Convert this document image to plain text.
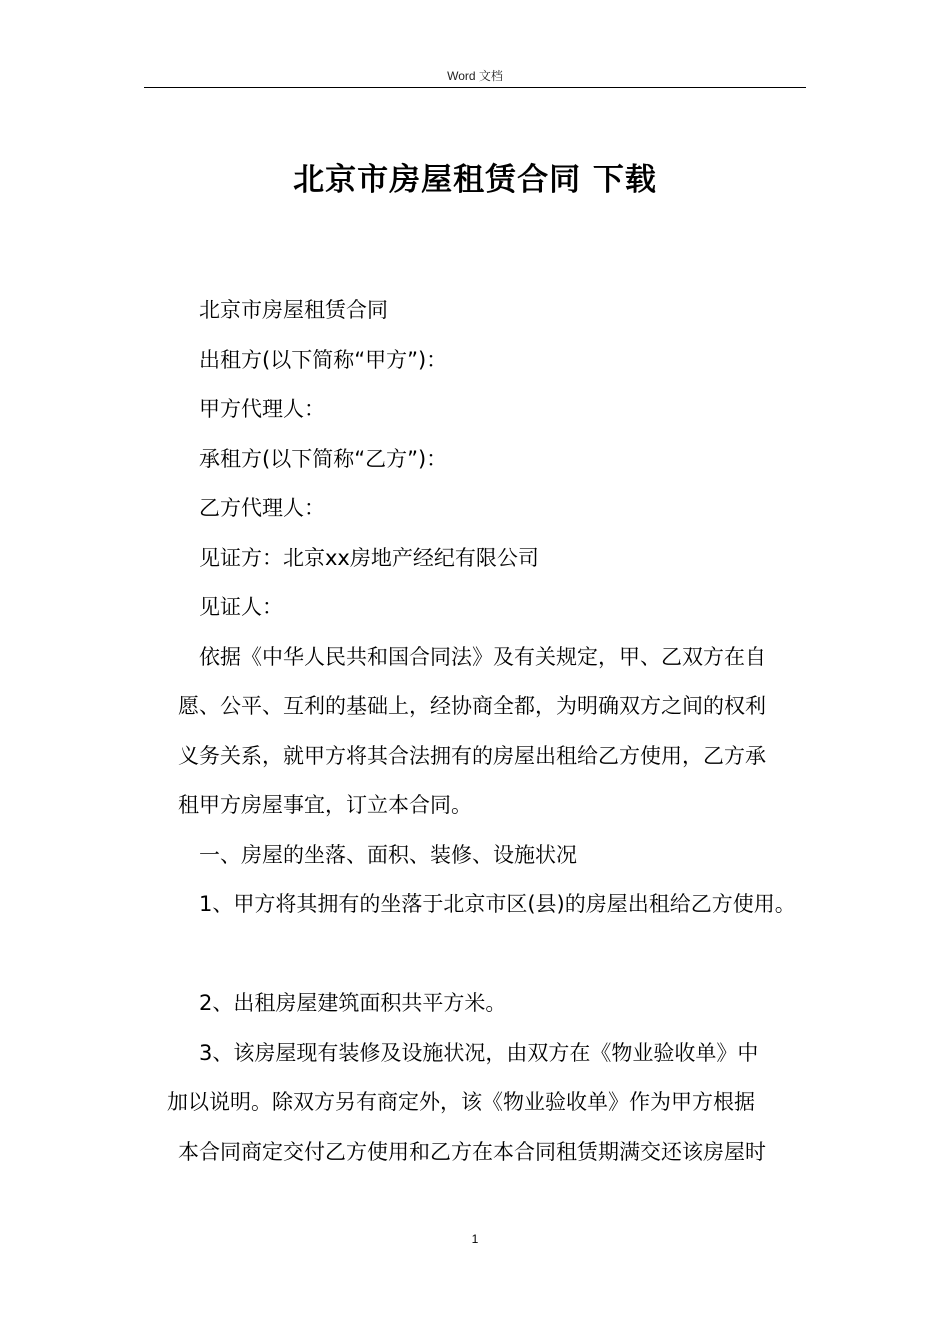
Word 文档
北京市房屋租赁合同 下载
北京市房屋租赁合同
出租方(以下简称“甲方”)：
甲方代理人：
承租方(以下简称“乙方”)：
乙方代理人：
见证方：北京xx房地产经纪有限公司
见证人：
依据《中华人民共和国合同法》及有关规定，甲、乙双方在自
愿、公平、互利的基础上，经协商全都，为明确双方之间的权利
义务关系，就甲方将其合法拥有的房屋出租给乙方使用，乙方承
租甲方房屋事宜，订立本合同。
一、房屋的坐落、面积、装修、设施状况
1、甲方将其拥有的坐落于北京市区(县)的房屋出租给乙方使用。
2、出租房屋建筑面积共平方米。
3、该房屋现有装修及设施状况，由双方在《物业验收单》中
加以说明。除双方另有商定外，该《物业验收单》作为甲方根据
本合同商定交付乙方使用和乙方在本合同租赁期满交还该房屋时
1
